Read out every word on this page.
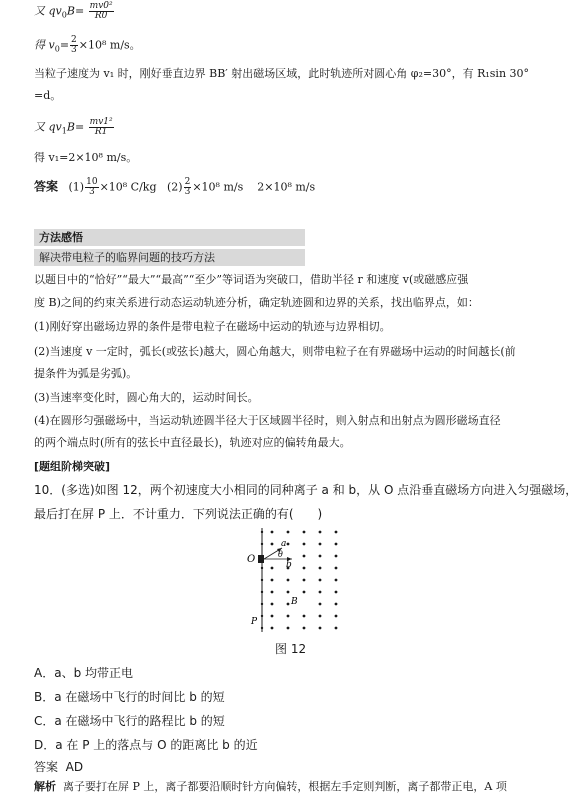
又 $qv_0B= \frac{\text{mv0²}}{R0}$
得 $v_0= \frac{2}{3} \times 10^8$ m/s。
当粒子速度为 v₁ 时，刚好垂直边界 BB′ 射出磁场区域，此时轨迹所对圆心角 φ₂=30°，有 R₁sin 30°
=d。
又 $qv_1B= \frac{\text{mv1²}}{R1}$
得 v₁=2×10⁸ m/s。
答案 $(1) \frac{10}{3} \times 10^8$ C/kg $(2) \frac{2}{3} \times 10^8$ m/s 2×10⁸ m/s
方法感悟
解决带电粒子的临界问题的技巧方法
以题目中的“恰好”“最大”“最高”“至少”等词语为突破口，借助半径 r 和速度 v(或磁感应强
度 B)之间的约束关系进行动态运动轨迹分析，确定轨迹圆和边界的关系，找出临界点，如：
(1)刚好穿出磁场边界的条件是带电粒子在磁场中运动的轨迹与边界相切。
(2)当速度 v 一定时，弧长(或弦长)越大，圆心角越大，则带电粒子在有界磁场中运动的时间越长(前
提条件为弧是劣弧)。
(3)当速率变化时，圆心角大的，运动时间长。
(4)在圆形匀强磁场中，当运动轨迹圆半径大于区域圆半径时，则入射点和出射点为圆形磁场直径
的两个端点时(所有的弦长中直径最长)，轨迹对应的偏转角最大。
[题组阶梯突破]
10．(多选)如图 12，两个初速度大小相同的同种离子 a 和 b，从 O 点沿垂直磁场方向进入匀强磁场，
最后打在屏 P 上．不计重力．下列说法正确的有(　　)
O
a
b
θ
B
P
图 12
A．a、b 均带正电
B．a 在磁场中飞行的时间比 b 的短
C．a 在磁场中飞行的路程比 b 的短
D．a 在 P 上的落点与 O 的距离比 b 的近
答案 AD
解析 离子要打在屏 P 上，离子都要沿顺时针方向偏转，根据左手定则判断，离子都带正电，A 项
